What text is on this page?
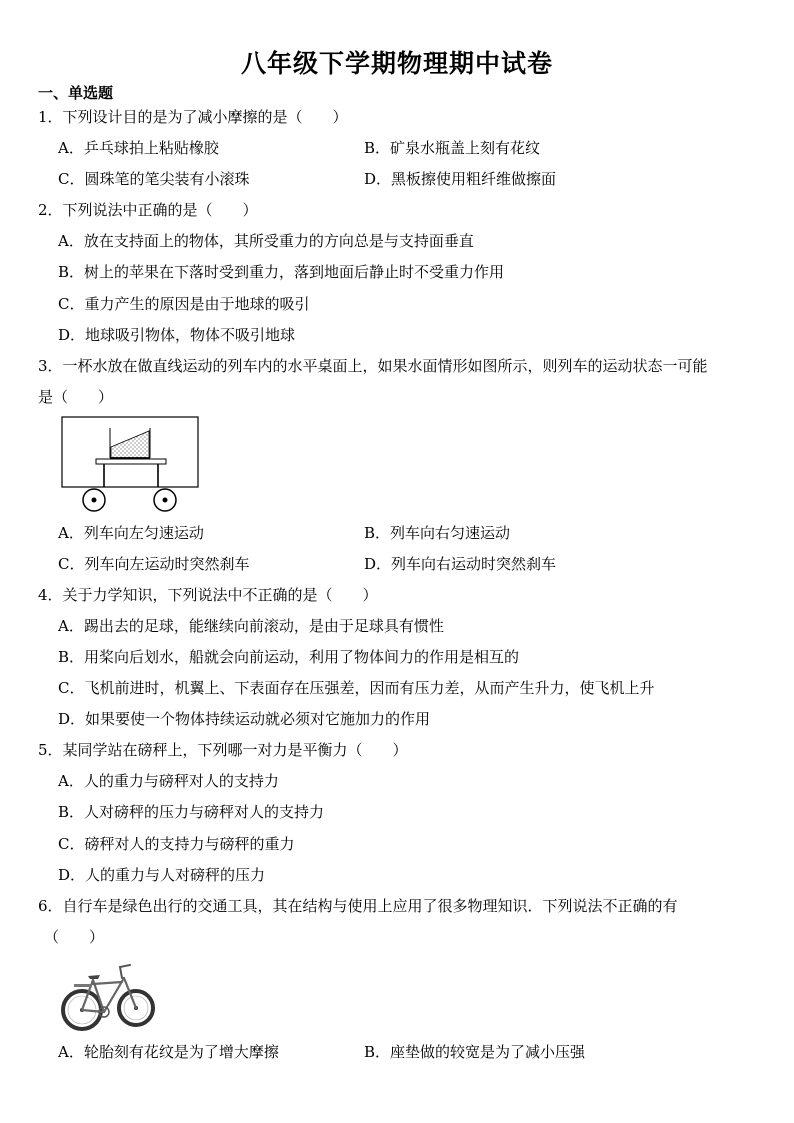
八年级下学期物理期中试卷
一、单选题
1．下列设计目的是为了减小摩擦的是（　　）
A．乒乓球拍上粘贴橡胶	B．矿泉水瓶盖上刻有花纹
C．圆珠笔的笔尖装有小滚珠	D．黑板擦使用粗纤维做擦面
2．下列说法中正确的是（　　）
A．放在支持面上的物体，其所受重力的方向总是与支持面垂直
B．树上的苹果在下落时受到重力，落到地面后静止时不受重力作用
C．重力产生的原因是由于地球的吸引
D．地球吸引物体，物体不吸引地球
3．一杯水放在做直线运动的列车内的水平桌面上，如果水面情形如图所示，则列车的运动状态一可能
是（　　）
A．列车向左匀速运动	B．列车向右匀速运动
C．列车向左运动时突然刹车	D．列车向右运动时突然刹车
4．关于力学知识，下列说法中不正确的是（　　）
A．踢出去的足球，能继续向前滚动，是由于足球具有惯性
B．用桨向后划水，船就会向前运动，利用了物体间力的作用是相互的
C．飞机前进时，机翼上、下表面存在压强差，因而有压力差，从而产生升力，使飞机上升
D．如果要使一个物体持续运动就必须对它施加力的作用
5．某同学站在磅秤上，下列哪一对力是平衡力（　　）
A．人的重力与磅秤对人的支持力
B．人对磅秤的压力与磅秤对人的支持力
C．磅秤对人的支持力与磅秤的重力
D．人的重力与人对磅秤的压力
6．自行车是绿色出行的交通工具，其在结构与使用上应用了很多物理知识．下列说法不正确的有
（　　）
A．轮胎刻有花纹是为了增大摩擦	B．座垫做的较宽是为了减小压强
